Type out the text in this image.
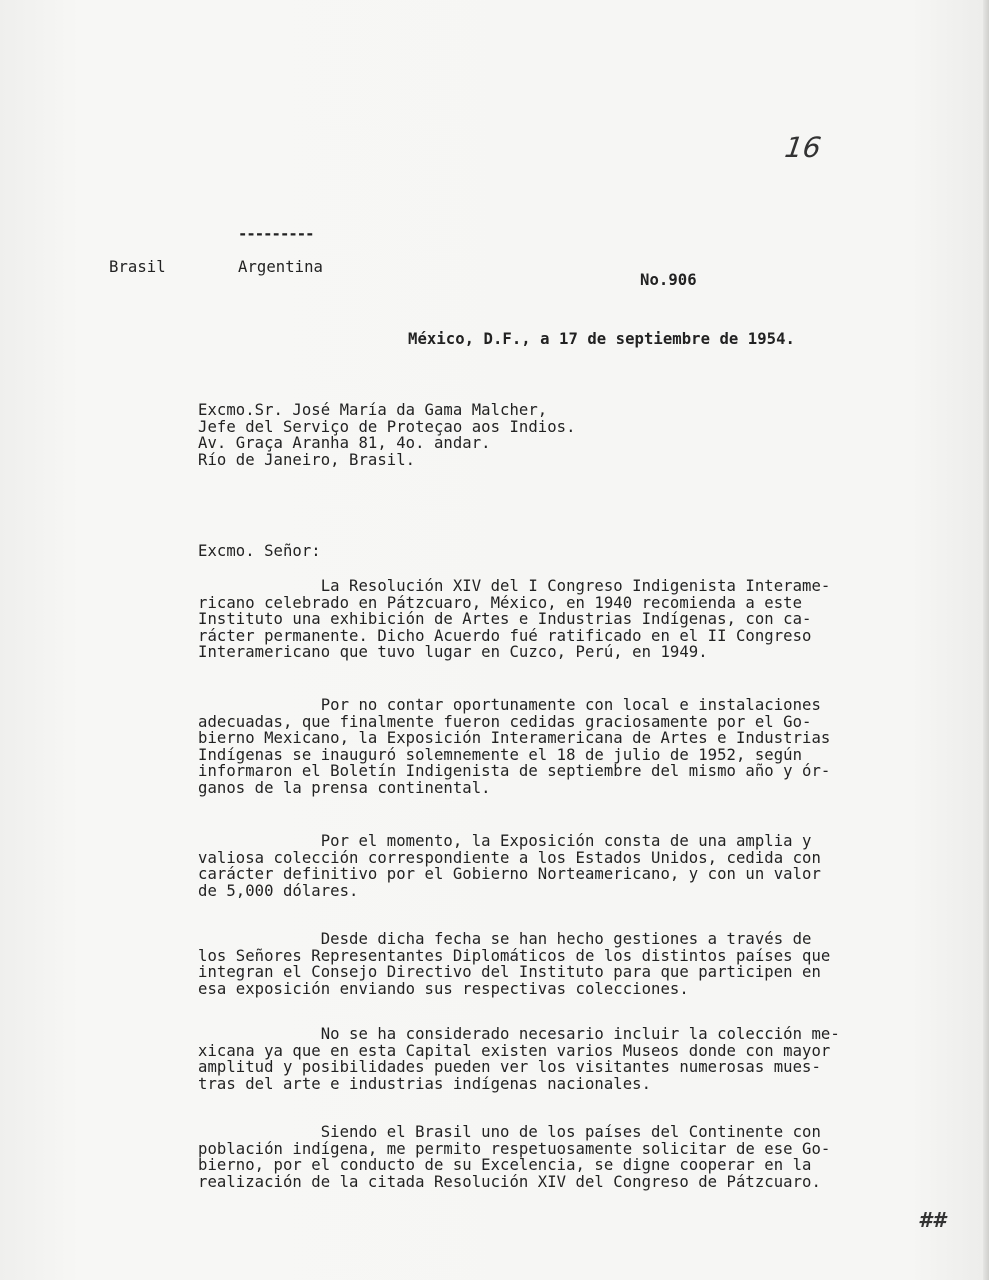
16
---------
Brasil	Argentina
No.906
México, D.F., a 17 de septiembre de 1954.
Excmo.Sr. José María da Gama Malcher,
Jefe del Serviço de Proteçao aos Indios.
Av. Graça Aranha 81, 4o. andar.
Río de Janeiro, Brasil.
Excmo. Señor:
La Resolución XIV del I Congreso Indigenista Interame-
ricano celebrado en Pátzcuaro, México, en 1940 recomienda a este
Instituto una exhibición de Artes e Industrias Indígenas, con ca-
rácter permanente. Dicho Acuerdo fué ratificado en el II Congreso
Interamericano que tuvo lugar en Cuzco, Perú, en 1949.
Por no contar oportunamente con local e instalaciones
adecuadas, que finalmente fueron cedidas graciosamente por el Go-
bierno Mexicano, la Exposición Interamericana de Artes e Industrias
Indígenas se inauguró solemnemente el 18 de julio de 1952, según
informaron el Boletín Indigenista de septiembre del mismo año y ór-
ganos de la prensa continental.
Por el momento, la Exposición consta de una amplia y
valiosa colección correspondiente a los Estados Unidos, cedida con
carácter definitivo por el Gobierno Norteamericano, y con un valor
de 5,000 dólares.
Desde dicha fecha se han hecho gestiones a través de
los Señores Representantes Diplomáticos de los distintos países que
integran el Consejo Directivo del Instituto para que participen en
esa exposición enviando sus respectivas colecciones.
No se ha considerado necesario incluir la colección me-
xicana ya que en esta Capital existen varios Museos donde con mayor
amplitud y posibilidades pueden ver los visitantes numerosas mues-
tras del arte e industrias indígenas nacionales.
Siendo el Brasil uno de los países del Continente con
población indígena, me permito respetuosamente solicitar de ese Go-
bierno, por el conducto de su Excelencia, se digne cooperar en la
realización de la citada Resolución XIV del Congreso de Pátzcuaro.
##
